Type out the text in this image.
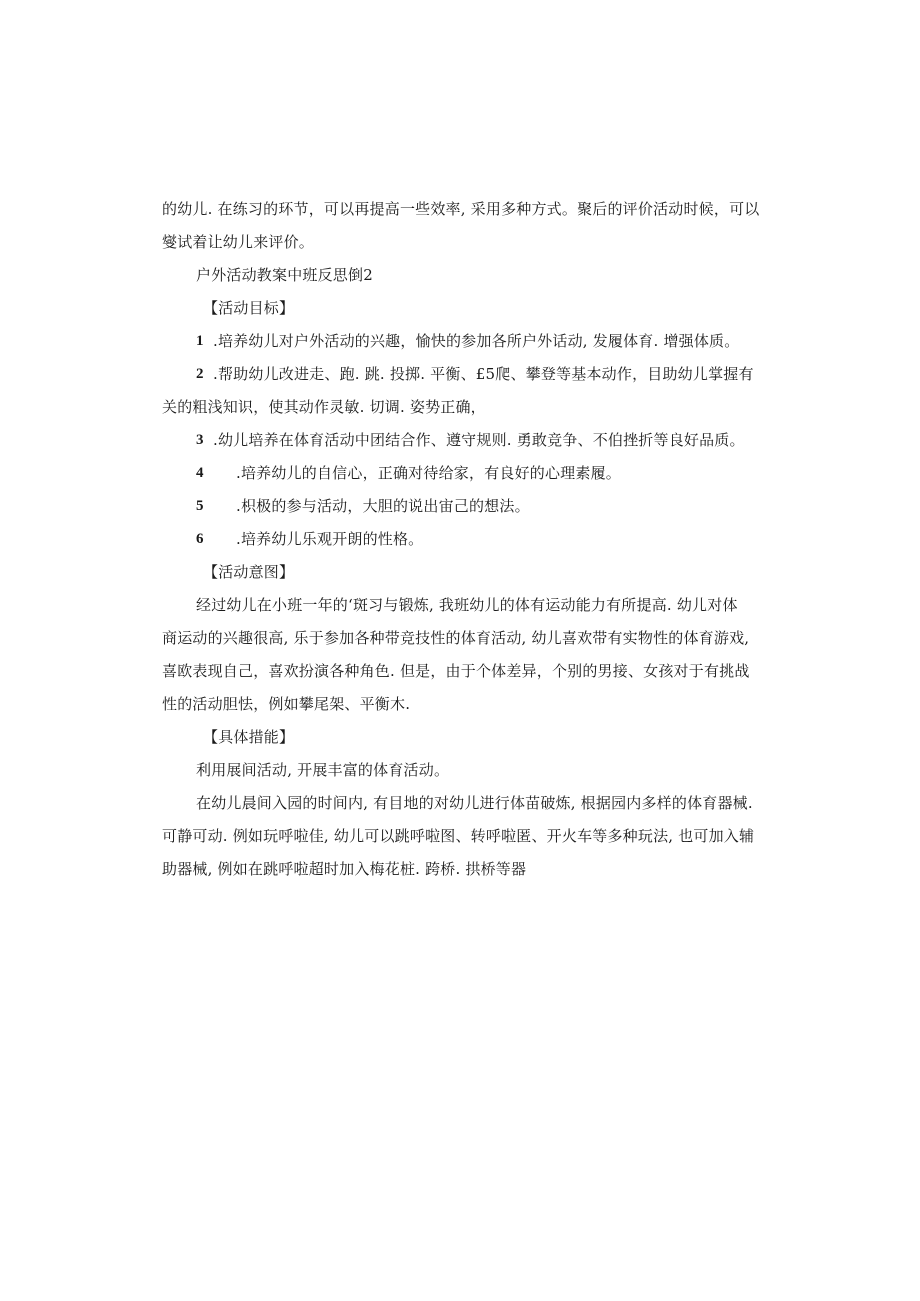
的幼儿. 在练习的环节，可以再提高一些效率, 采用多种方式。聚后的评价活动时候，可以
燮试着让幼儿来评价。
户外活动教案中班反思倒2
【活动目标】
1 .培养幼儿对户外活动的兴趣，愉快的参加各所户外话动, 发履体育. 增强体质。
2 .帮助幼儿改进走、跑. 跳. 投掷. 平衡、£5爬、攀登等基本动作，目助幼儿掌握有
关的粗浅知识，使其动作灵敏. 切调. 姿势正确，
3 .幼儿培养在体育活动中团结合作、遵守规则. 勇敢竞争、不伯挫折等良好品质。
4 .培养幼儿的自信心，正确对待给家，有良好的心理素履。
5 .枳极的参与活动，大胆的说出宙己的想法。
6 .培养幼儿乐观开朗的性格。
【活动意图】
经过幼儿在小班一年的‘斑习与锻炼, 我班幼儿的体有运动能力有所提高. 幼儿对体
商运动的兴趣很高, 乐于参加各种带竞技性的体育活动, 幼儿喜欢带有实物性的体育游戏,
喜欧表现自己，喜欢扮演各种角色. 但是，由于个体差异，个别的男接、女孩对于有挑战
性的活动胆怯，例如攀尾架、平衡木.
【具体措能】
利用展间活动, 开展丰富的体育活动。
在幼儿晨间入园的时间内, 有目地的对幼儿进行体苗破炼, 根据园内多样的体育器械.
可静可动. 例如玩呼啦佳, 幼儿可以跳呼啦图、转呼啦匿、开火车等多种玩法, 也可加入辅
助器械, 例如在跳呼啦超时加入梅花桩. 跨桥. 拱桥等器
